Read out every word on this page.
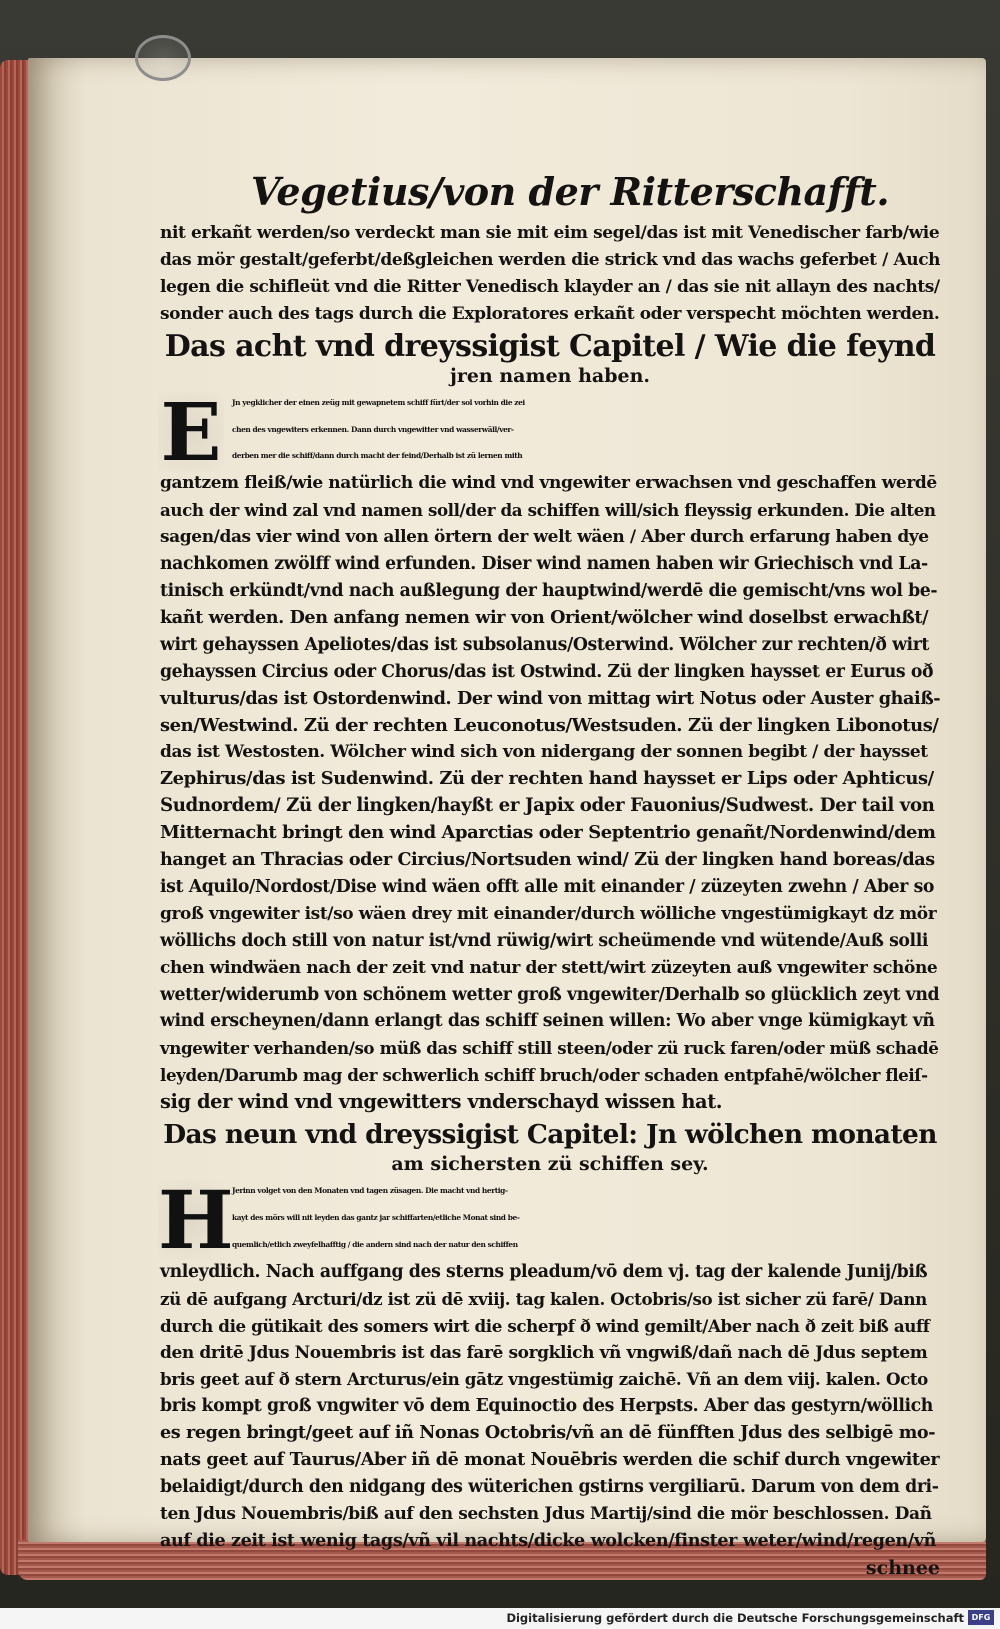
Vegetius/von der Ritterschafft.
nit erkañt werden/so verdeckt man sie mit eim segel/das ist mit Venedischer farb/wie
das mör gestalt/geferbt/deßgleichen werden die strick vnd das wachs geferbet / Auch
legen die schifleüt vnd die Ritter Venedisch klayder an / das sie nit allayn des nachts/
sonder auch des tags durch die Exploratores erkañt oder verspecht möchten werden.
Das acht vnd dreyssigist Capitel / Wie die feynd
jren namen haben.
E	Jn yegklicher der einen zeüg mit gewapnetem schiff fürt/der sol vorhin die zei
chen des vngewiters erkennen. Dann durch vngewitter vnd wasserwäll/ver-
derben mer die schiff/dann durch macht der feind/Derhalb ist zü lernen mith
gantzem fleiß/wie natürlich die wind vnd vngewiter erwachsen vnd geschaffen werdē
auch der wind zal vnd namen soll/der da schiffen will/sich fleyssig erkunden. Die alten
sagen/das vier wind von allen örtern der welt wäen / Aber durch erfarung haben dye
nachkomen zwölff wind erfunden. Diser wind namen haben wir Griechisch vnd La-
tinisch erkündt/vnd nach außlegung der hauptwind/werdē die gemischt/vns wol be-
kañt werden. Den anfang nemen wir von Orient/wölcher wind doselbst erwachßt/
wirt gehayssen Apeliotes/das ist subsolanus/Osterwind. Wölcher zur rechten/ð wirt
gehayssen Circius oder Chorus/das ist Ostwind. Zü der lingken haysset er Eurus oð
vulturus/das ist Ostordenwind. Der wind von mittag wirt Notus oder Auster ghaiß-
sen/Westwind. Zü der rechten Leuconotus/Westsuden. Zü der lingken Libonotus/
das ist Westosten. Wölcher wind sich von nidergang der sonnen begibt / der haysset
Zephirus/das ist Sudenwind. Zü der rechten hand haysset er Lips oder Aphticus/
Sudnordem/ Zü der lingken/hayßt er Japix oder Fauonius/Sudwest. Der tail von
Mitternacht bringt den wind Aparctias oder Septentrio genañt/Nordenwind/dem
hanget an Thracias oder Circius/Nortsuden wind/ Zü der lingken hand boreas/das
ist Aquilo/Nordost/Dise wind wäen offt alle mit einander / züzeyten zwehn / Aber so
groß vngewiter ist/so wäen drey mit einander/durch wölliche vngestümigkayt dz mör
wöllichs doch still von natur ist/vnd rüwig/wirt scheümende vnd wütende/Auß solli
chen windwäen nach der zeit vnd natur der stett/wirt züzeyten auß vngewiter schöne
wetter/widerumb von schönem wetter groß vngewiter/Derhalb so glücklich zeyt vnd
wind erscheynen/dann erlangt das schiff seinen willen: Wo aber vnge kümigkayt vñ
vngewiter verhanden/so müß das schiff still steen/oder zü ruck faren/oder müß schadē
leyden/Darumb mag der schwerlich schiff bruch/oder schaden entpfahē/wölcher fleiſ-
sig der wind vnd vngewitters vnderschayd wissen hat.
Das neun vnd dreyssigist Capitel: Jn wölchen monaten
am sichersten zü schiffen sey.
H
Jerinn volget von den Monaten vnd tagen züsagen. Die macht vnd hertig-
kayt des mörs will nit leyden das gantz jar schiffarten/etliche Monat sind be-
quemlich/etlich zweyfelhafftig / die andern sind nach der natur den schiffen
vnleydlich. Nach auffgang des sterns pleadum/vō dem vj. tag der kalende Junij/biß
zü dē aufgang Arcturi/dz ist zü dē xviij. tag kalen. Octobris/so ist sicher zü farē/ Dann
durch die gütikait des somers wirt die scherpf ð wind gemilt/Aber nach ð zeit biß auff
den dritē Jdus Nouembris ist das farē sorgklich vñ vngwiß/dañ nach dē Jdus septem
bris geet auf ð stern Arcturus/ein gātz vngestümig zaichē. Vñ an dem viij. kalen. Octo
bris kompt groß vngwiter vō dem Equinoctio des Herpsts. Aber das gestyrn/wöllich
es regen bringt/geet auf iñ Nonas Octobris/vñ an dē fünfften Jdus des selbigē mo-
nats geet auf Taurus/Aber iñ dē monat Nouēbris werden die schif durch vngewiter
belaidigt/durch den nidgang des wüterichen gstirns vergiliarū. Darum von dem dri-
ten Jdus Nouembris/biß auf den sechsten Jdus Martij/sind die mör beschlossen. Dañ
auf die zeit ist wenig tags/vñ vil nachts/dicke wolcken/finster weter/wind/regen/vñ
schnee
Digitalisierung gefördert durch die Deutsche Forschungsgemeinschaft DFG
